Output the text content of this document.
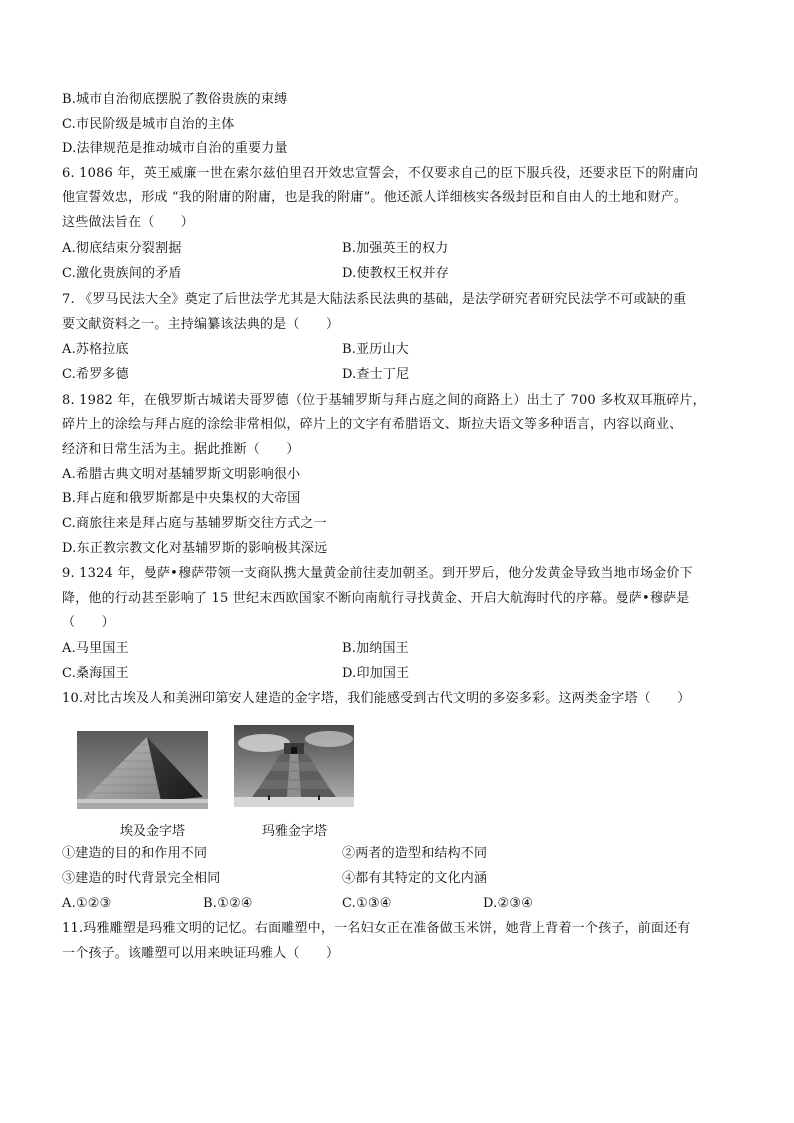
B.城市自治彻底摆脱了教俗贵族的束缚
C.市民阶级是城市自治的主体
D.法律规范是推动城市自治的重要力量
6. 1086 年，英王威廉一世在索尔兹伯里召开效忠宣誓会，不仅要求自己的臣下服兵役，还要求臣下的附庸向
他宣誓效忠，形成 “我的附庸的附庸，也是我的附庸”。他还派人详细核实各级封臣和自由人的土地和财产。
这些做法旨在（　　）
A.彻底结束分裂割据	B.加强英王的权力
C.激化贵族间的矛盾	D.使教权王权并存
7. 《罗马民法大全》奠定了后世法学尤其是大陆法系民法典的基础，是法学研究者研究民法学不可或缺的重
要文献资料之一。主持编纂该法典的是（　　）
A.苏格拉底	B.亚历山大
C.希罗多德	D.查士丁尼
8. 1982 年，在俄罗斯古城诺夫哥罗德（位于基辅罗斯与拜占庭之间的商路上）出土了 700 多枚双耳瓶碎片，
碎片上的涂绘与拜占庭的涂绘非常相似，碎片上的文字有希腊语文、斯拉夫语文等多种语言，内容以商业、
经济和日常生活为主。据此推断（　　）
A.希腊古典文明对基辅罗斯文明影响很小
B.拜占庭和俄罗斯都是中央集权的大帝国
C.商旅往来是拜占庭与基辅罗斯交往方式之一
D.东正教宗教文化对基辅罗斯的影响极其深远
9. 1324 年，曼萨•穆萨带领一支商队携大量黄金前往麦加朝圣。到开罗后，他分发黄金导致当地市场金价下
降，他的行动甚至影响了 15 世纪末西欧国家不断向南航行寻找黄金、开启大航海时代的序幕。曼萨•穆萨是
（　　）
A.马里国王	B.加纳国王
C.桑海国王	D.印加国王
10.对比古埃及人和美洲印第安人建造的金字塔，我们能感受到古代文明的多姿多彩。这两类金字塔（　　）
埃及金字塔	玛雅金字塔
①建造的目的和作用不同	②两者的造型和结构不同
③建造的时代背景完全相同	④都有其特定的文化内涵
A.①②③	B.①②④	C.①③④	D.②③④
11.玛雅雕塑是玛雅文明的记忆。右面雕塑中，一名妇女正在准备做玉米饼，她背上背着一个孩子，前面还有
一个孩子。该雕塑可以用来映证玛雅人（　　）
